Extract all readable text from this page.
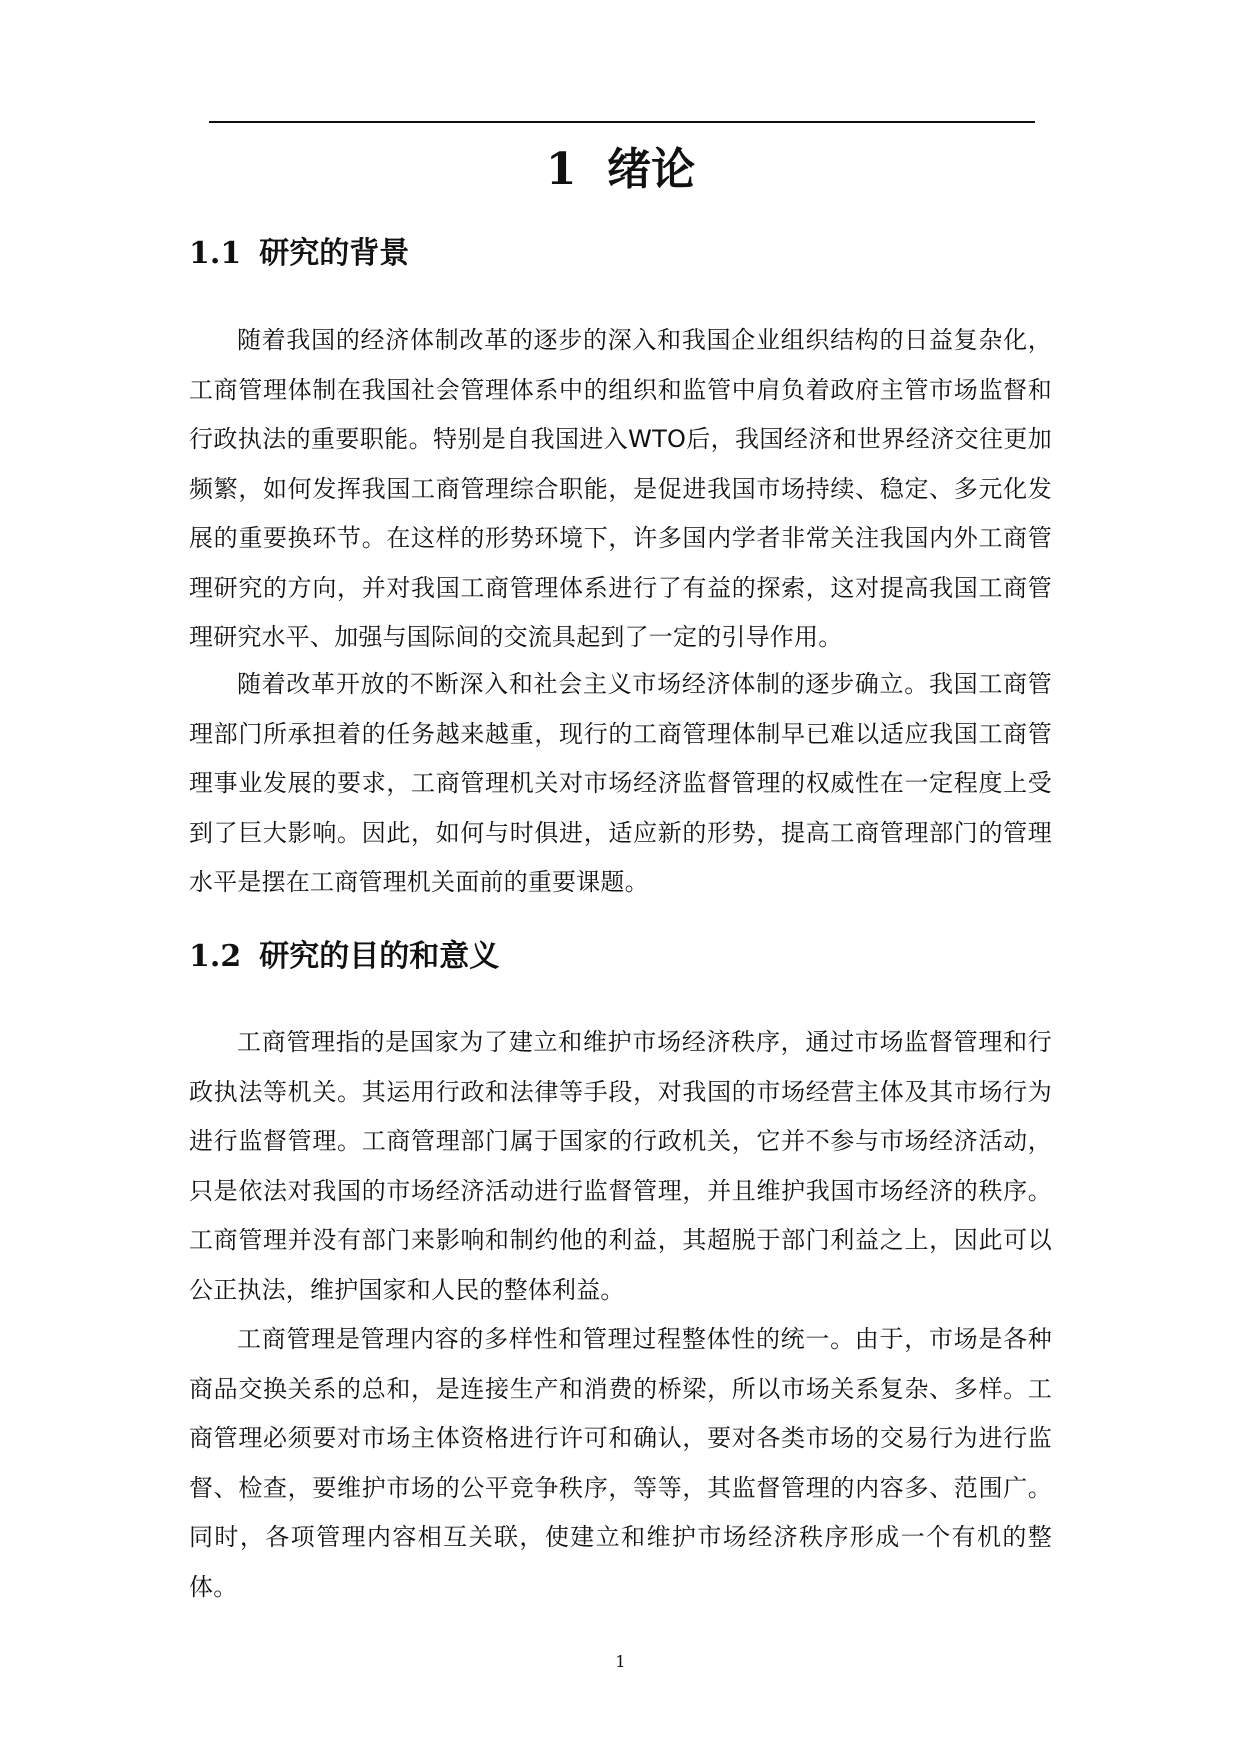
1 绪论
1.1 研究的背景

随着我国的经济体制改革的逐步的深入和我国企业组织结构的日益复杂化，工商管理体制在我国社会管理体系中的组织和监管中肩负着政府主管市场监督和行政执法的重要职能。特别是自我国进入WTO后，我国经济和世界经济交往更加频繁，如何发挥我国工商管理综合职能，是促进我国市场持续、稳定、多元化发展的重要换环节。在这样的形势环境下，许多国内学者非常关注我国内外工商管理研究的方向，并对我国工商管理体系进行了有益的探索，这对提高我国工商管理研究水平、加强与国际间的交流具起到了一定的引导作用。

随着改革开放的不断深入和社会主义市场经济体制的逐步确立。我国工商管理部门所承担着的任务越来越重，现行的工商管理体制早已难以适应我国工商管理事业发展的要求，工商管理机关对市场经济监督管理的权威性在一定程度上受到了巨大影响。因此，如何与时俱进，适应新的形势，提高工商管理部门的管理水平是摆在工商管理机关面前的重要课题。

1.2 研究的目的和意义

工商管理指的是国家为了建立和维护市场经济秩序，通过市场监督管理和行政执法等机关。其运用行政和法律等手段，对我国的市场经营主体及其市场行为进行监督管理。工商管理部门属于国家的行政机关，它并不参与市场经济活动，只是依法对我国的市场经济活动进行监督管理，并且维护我国市场经济的秩序。工商管理并没有部门来影响和制约他的利益，其超脱于部门利益之上，因此可以公正执法，维护国家和人民的整体利益。

工商管理是管理内容的多样性和管理过程整体性的统一。由于，市场是各种商品交换关系的总和，是连接生产和消费的桥梁，所以市场关系复杂、多样。工商管理必须要对市场主体资格进行许可和确认，要对各类市场的交易行为进行监督、检查，要维护市场的公平竞争秩序，等等，其监督管理的内容多、范围广。同时，各项管理内容相互关联，使建立和维护市场经济秩序形成一个有机的整体。

1
